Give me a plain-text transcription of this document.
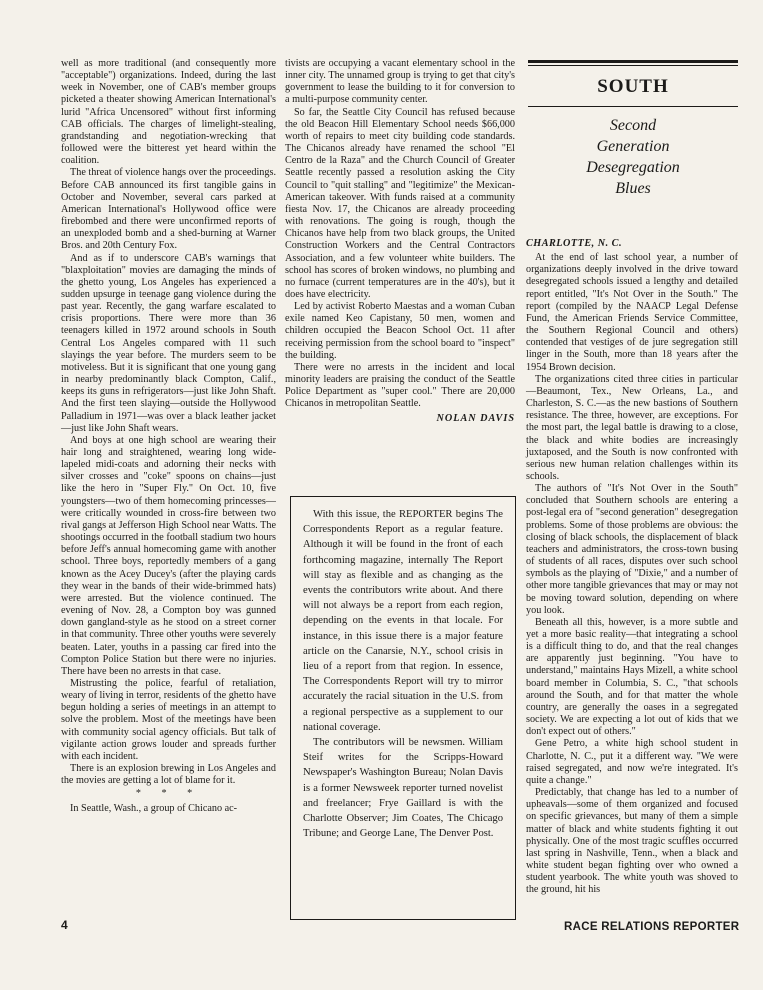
well as more traditional (and consequently more "acceptable") organizations. Indeed, during the last week in November, one of CAB's member groups picketed a theater showing American International's lurid "Africa Uncensored" without first informing CAB officials. The charges of limelight-stealing, grandstanding and negotiation-wrecking that followed were the bitterest yet heard within the coalition.

The threat of violence hangs over the proceedings. Before CAB announced its first tangible gains in October and November, several cars parked at American International's Hollywood office were firebombed and there were unconfirmed reports of an unexploded bomb and a shed-burning at Warner Bros. and 20th Century Fox.

And as if to underscore CAB's warnings that "blaxploitation" movies are damaging the minds of the ghetto young, Los Angeles has experienced a sudden upsurge in teenage gang violence during the past year. Recently, the gang warfare escalated to crisis proportions. There were more than 36 teenagers killed in 1972 around schools in South Central Los Angeles compared with 11 such slayings the year before. The murders seem to be motiveless. But it is significant that one young gang in nearby predominantly black Compton, Calif., keeps its guns in refrigerators—just like John Shaft. And the first teen slaying—outside the Hollywood Palladium in 1971—was over a black leather jacket—just like John Shaft wears.

And boys at one high school are wearing their hair long and straightened, wearing long wide-lapeled midi-coats and adorning their necks with silver crosses and "coke" spoons on chains—just like the hero in "Super Fly." On Oct. 10, five youngsters—two of them homecoming princesses—were critically wounded in cross-fire between two rival gangs at Jefferson High School near Watts. The shootings occurred in the football stadium two hours before Jeff's annual homecoming game with another school. Three boys, reportedly members of a gang known as the Acey Ducey's (after the playing cards they wear in the bands of their wide-brimmed hats) were arrested. But the violence continued. The evening of Nov. 28, a Compton boy was gunned down gangland-style as he stood on a street corner in that community. Three other youths were severely beaten. Later, youths in a passing car fired into the Compton Police Station but there were no injuries. There have been no arrests in that case.

Mistrusting the police, fearful of retaliation, weary of living in terror, residents of the ghetto have begun holding a series of meetings in an attempt to solve the problem. Most of the meetings have been with community social agency officials. But talk of vigilante action grows louder and spreads further with each incident.

There is an explosion brewing in Los Angeles and the movies are getting a lot of blame for it.

* * *

In Seattle, Wash., a group of Chicano ac-

tivists are occupying a vacant elementary school in the inner city. The unnamed group is trying to get that city's government to lease the building to it for conversion to a multi-purpose community center.

So far, the Seattle City Council has refused because the old Beacon Hill Elementary School needs $66,000 worth of repairs to meet city building code standards. The Chicanos already have renamed the school "El Centro de la Raza" and the Church Council of Greater Seattle recently passed a resolution asking the City Council to "quit stalling" and "legitimize" the Mexican-American takeover. With funds raised at a community fiesta Nov. 17, the Chicanos are already proceeding with renovations. The going is rough, though the Chicanos have help from two black groups, the United Construction Workers and the Central Contractors Association, and a few volunteer white builders. The school has scores of broken windows, no plumbing and no furnace (current temperatures are in the 40's), but it does have electricity.

Led by activist Roberto Maestas and a woman Cuban exile named Keo Capistany, 50 men, women and children occupied the Beacon School Oct. 11 after receiving permission from the school board to "inspect" the building.

There were no arrests in the incident and local minority leaders are praising the conduct of the Seattle Police Department as "super cool." There are 20,000 Chicanos in metropolitan Seattle.

NOLAN DAVIS

With this issue, the REPORTER begins The Correspondents Report as a regular feature. Although it will be found in the front of each forthcoming magazine, internally The Report will stay as flexible and as changing as the events the contributors write about. And there will not always be a report from each region, depending on the events in that locale. For instance, in this issue there is a major feature article on the Canarsie, N.Y., school crisis in lieu of a report from that region. In essence, The Correspondents Report will try to mirror accurately the racial situation in the U.S. from a regional perspective as a supplement to our national coverage.

The contributors will be newsmen. William Steif writes for the Scripps-Howard Newspaper's Washington Bureau; Nolan Davis is a former Newsweek reporter turned novelist and freelancer; Frye Gaillard is with the Charlotte Observer; Jim Coates, The Chicago Tribune; and George Lane, The Denver Post.

SOUTH
Second
Generation
Desegregation
Blues

CHARLOTTE, N. C.

At the end of last school year, a number of organizations deeply involved in the drive toward desegregated schools issued a lengthy and detailed report entitled, "It's Not Over in the South." The report (compiled by the NAACP Legal Defense Fund, the American Friends Service Committee, the Southern Regional Council and others) contended that vestiges of de jure segregation still linger in the South, more than 18 years after the 1954 Brown decision.

The organizations cited three cities in particular—Beaumont, Tex., New Orleans, La., and Charleston, S. C.—as the new bastions of Southern resistance. The three, however, are exceptions. For the most part, the legal battle is drawing to a close, the black and white bodies are increasingly juxtaposed, and the South is now confronted with serious new human relation challenges within its schools.

The authors of "It's Not Over in the South" concluded that Southern schools are entering a post-legal era of "second generation" desegregation problems. Some of those problems are obvious: the closing of black schools, the displacement of black teachers and administrators, the cross-town busing of students of all races, disputes over such school symbols as the playing of "Dixie," and a number of other more tangible grievances that may or may not be moving toward solution, depending on where you look.

Beneath all this, however, is a more subtle and yet a more basic reality—that integrating a school is a difficult thing to do, and that the real changes are apparently just beginning. "You have to understand," maintains Hays Mizell, a white school board member in Columbia, S. C., "that schools around the South, and for that matter the whole country, are generally the oases in a segregated society. We are expecting a lot out of kids that we don't expect out of others."

Gene Petro, a white high school student in Charlotte, N. C., put it a different way. "We were raised segregated, and now we're integrated. It's quite a change."

Predictably, that change has led to a number of upheavals—some of them organized and focused on specific grievances, but many of them a simple matter of black and white students fighting it out physically. One of the most tragic scuffles occurred last spring in Nashville, Tenn., when a black and white student began fighting over who owned a student yearbook. The white youth was shoved to the ground, hit his

4	RACE RELATIONS REPORTER
